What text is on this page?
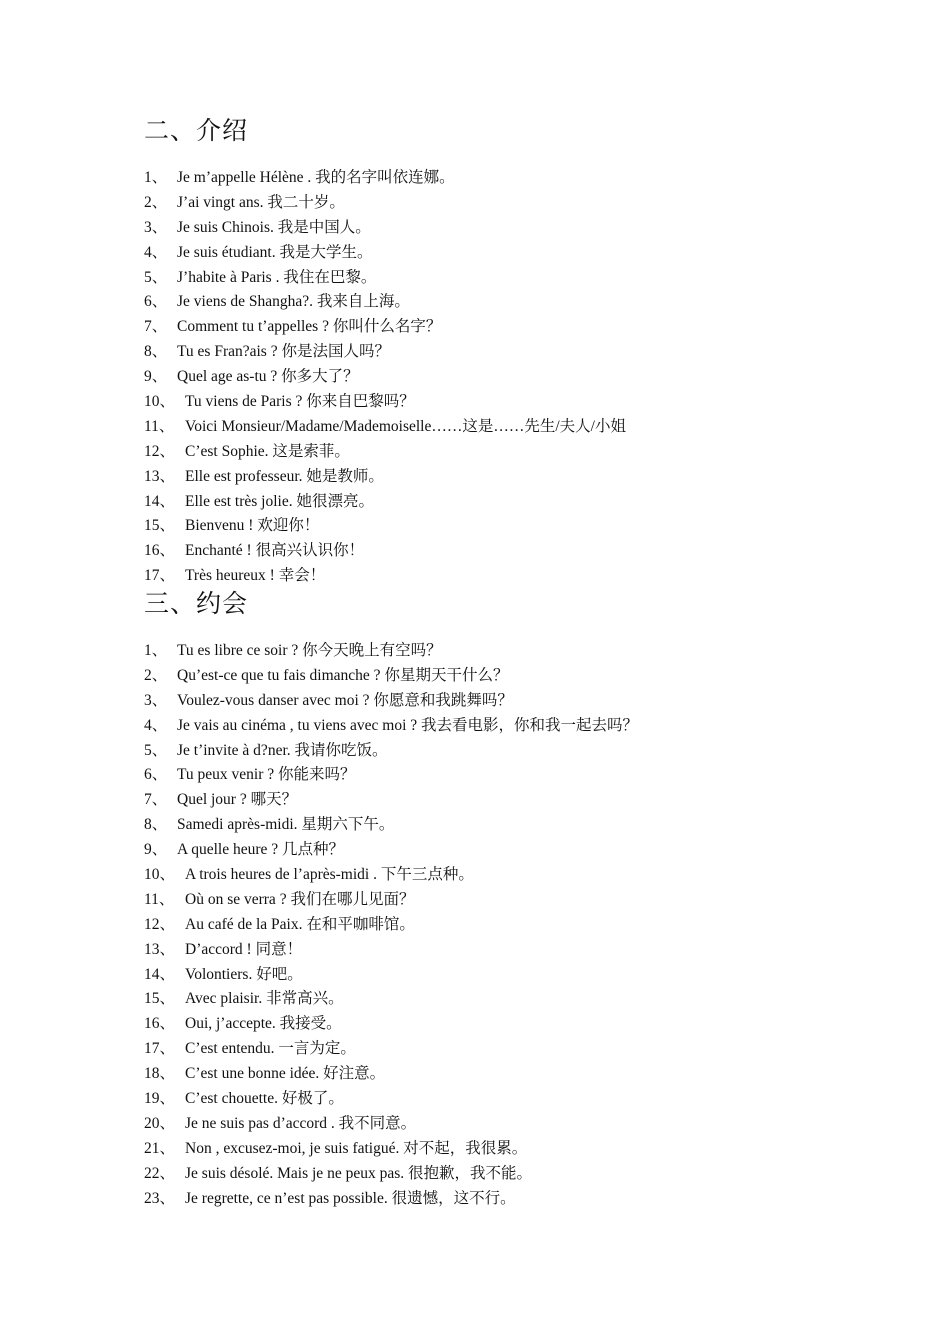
二、介绍
1、 Je m’appelle Hélène . 我的名字叫依连娜。
2、 J’ai vingt ans. 我二十岁。
3、 Je suis Chinois. 我是中国人。
4、 Je suis étudiant. 我是大学生。
5、 J’habite à Paris . 我住在巴黎。
6、 Je viens de Shangha?. 我来自上海。
7、 Comment tu t’appelles ? 你叫什么名字？
8、 Tu es Fran?ais ? 你是法国人吗？
9、 Quel age as-tu ? 你多大了？
10、 Tu viens de Paris ? 你来自巴黎吗？
11、 Voici Monsieur/Madame/Mademoiselle……这是……先生/夫人/小姐
12、 C’est Sophie. 这是索菲。
13、 Elle est professeur. 她是教师。
14、 Elle est très jolie. 她很漂亮。
15、 Bienvenu ! 欢迎你！
16、 Enchanté ! 很高兴认识你！
17、 Très heureux ! 幸会！
三、约会
1、 Tu es libre ce soir ? 你今天晚上有空吗？
2、 Qu’est-ce que tu fais dimanche ? 你星期天干什么？
3、 Voulez-vous danser avec moi ? 你愿意和我跳舞吗？
4、 Je vais au cinéma , tu viens avec moi ? 我去看电影，你和我一起去吗？
5、 Je t’invite à d?ner. 我请你吃饭。
6、 Tu peux venir ? 你能来吗？
7、 Quel jour ? 哪天？
8、 Samedi après-midi. 星期六下午。
9、 A quelle heure ? 几点种？
10、 A trois heures de l’après-midi . 下午三点种。
11、 Où on se verra ? 我们在哪儿见面？
12、 Au café de la Paix. 在和平咖啡馆。
13、 D’accord ! 同意！
14、 Volontiers. 好吧。
15、 Avec plaisir. 非常高兴。
16、 Oui, j’accepte. 我接受。
17、 C’est entendu. 一言为定。
18、 C’est une bonne idée. 好注意。
19、 C’est chouette. 好极了。
20、 Je ne suis pas d’accord . 我不同意。
21、 Non , excusez-moi, je suis fatigué. 对不起，我很累。
22、 Je suis désolé. Mais je ne peux pas. 很抱歉，我不能。
23、 Je regrette, ce n’est pas possible. 很遗憾，这不行。
